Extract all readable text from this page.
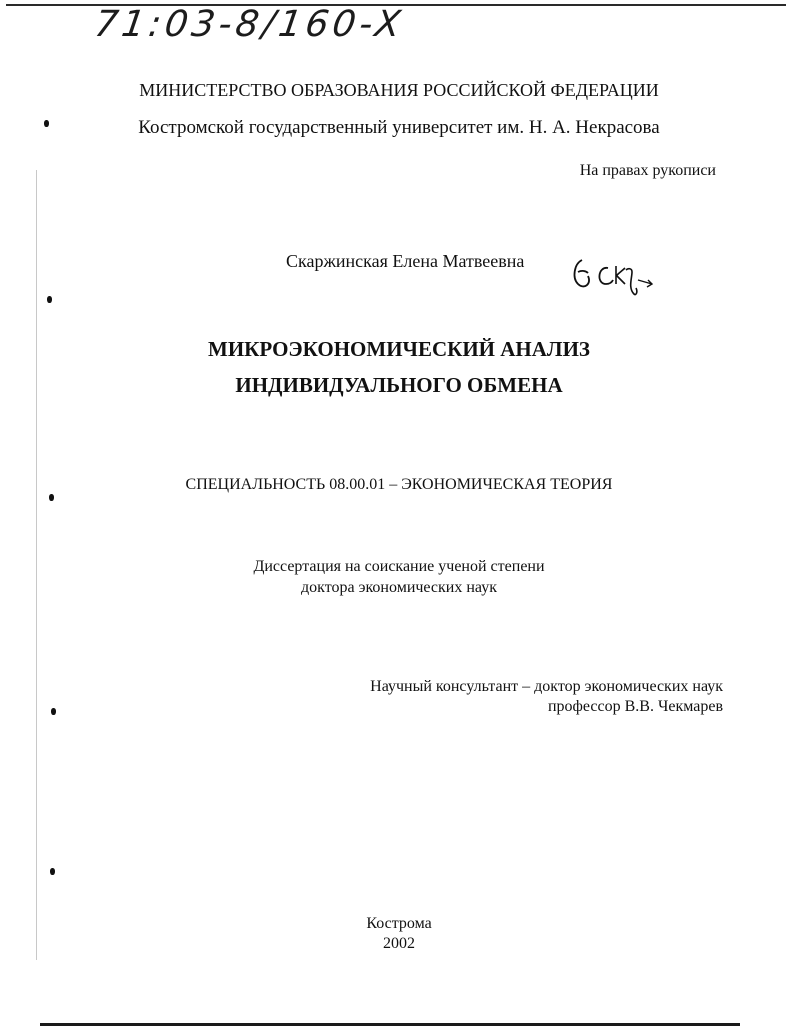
71:03-8/160-X
МИНИСТЕРСТВО ОБРАЗОВАНИЯ РОССИЙСКОЙ ФЕДЕРАЦИИ
Костромской государственный университет им. Н. А. Некрасова
На правах рукописи
Скаржинская Елена Матвеевна
МИКРОЭКОНОМИЧЕСКИЙ АНАЛИЗ
ИНДИВИДУАЛЬНОГО ОБМЕНА
СПЕЦИАЛЬНОСТЬ 08.00.01 – ЭКОНОМИЧЕСКАЯ ТЕОРИЯ
Диссертация на соискание ученой степени
доктора экономических наук
Научный консультант – доктор экономических наук
профессор В.В. Чекмарев
Кострома
2002
